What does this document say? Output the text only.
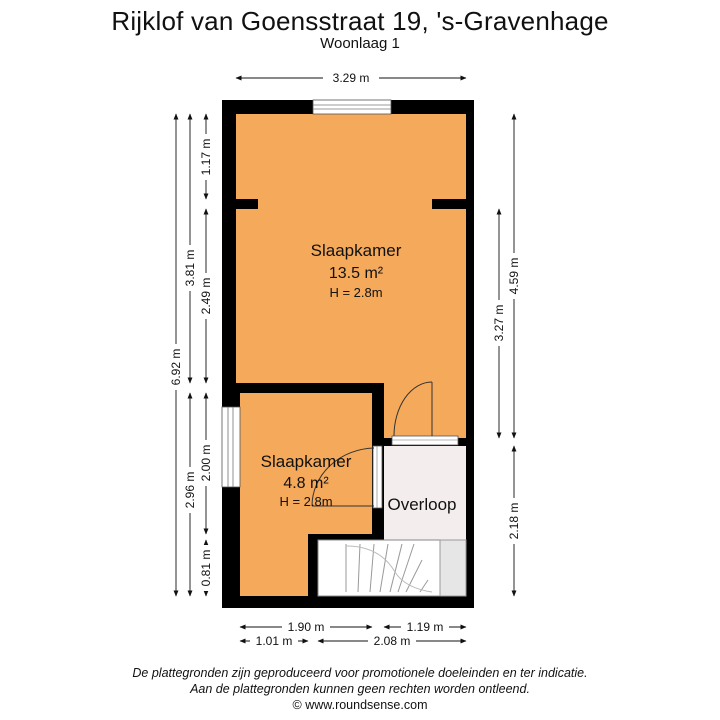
Rijklof van Goensstraat 19, 's-Gravenhage
Woonlaag 1
Slaapkamer
13.5 m²
H = 2.8m
Slaapkamer
4.8 m²
H = 2.8m	Overloop
3.29 m
6.92 m
3.81 m
2.96 m
1.17 m
2.49 m
2.00 m
0.81 m
4.59 m
3.27 m
2.18 m
1.90 m	1.19 m
1.01 m	2.08 m
De plattegronden zijn geproduceerd voor promotionele doeleinden en ter indicatie.
Aan de plattegronden kunnen geen rechten worden ontleend.
© www.roundsense.com
